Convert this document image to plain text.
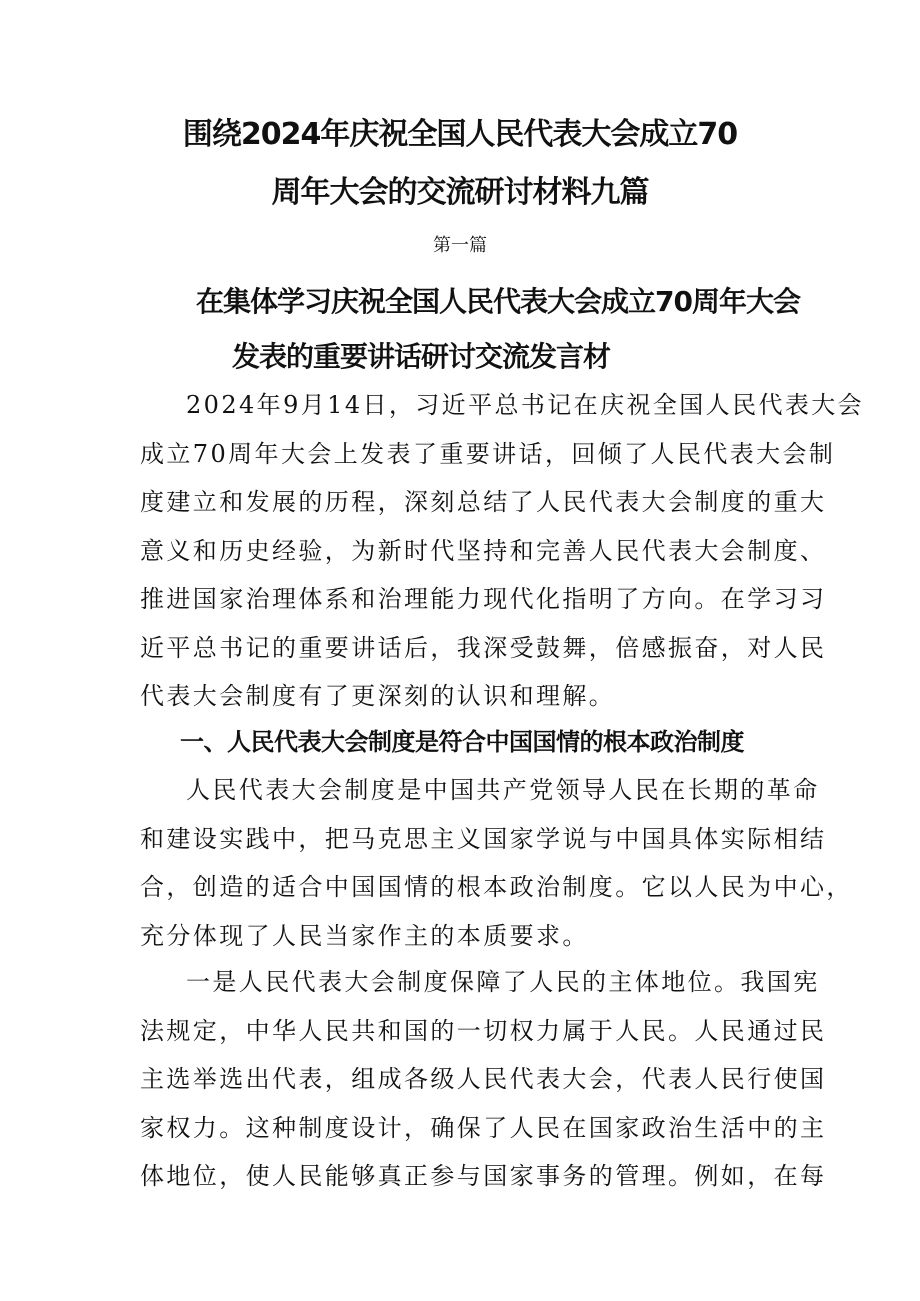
围绕2024年庆祝全国人民代表大会成立70
周年大会的交流研讨材料九篇
第一篇
在集体学习庆祝全国人民代表大会成立70周年大会
发表的重要讲话研讨交流发言材
2024年9月14日，习近平总书记在庆祝全国人民代表大会
成立70周年大会上发表了重要讲话，回倾了人民代表大会制
度建立和发展的历程，深刻总结了人民代表大会制度的重大
意义和历史经验，为新时代坚持和完善人民代表大会制度、
推进国家治理体系和治理能力现代化指明了方向。在学习习
近平总书记的重要讲话后，我深受鼓舞，倍感振奋，对人民
代表大会制度有了更深刻的认识和理解。
一、人民代表大会制度是符合中国国情的根本政治制度
人民代表大会制度是中国共产党领导人民在长期的革命
和建设实践中，把马克思主义国家学说与中国具体实际相结
合，创造的适合中国国情的根本政治制度。它以人民为中心，
充分体现了人民当家作主的本质要求。
一是人民代表大会制度保障了人民的主体地位。我国宪
法规定，中华人民共和国的一切权力属于人民。人民通过民
主选举选出代表，组成各级人民代表大会，代表人民行使国
家权力。这种制度设计，确保了人民在国家政治生活中的主
体地位，使人民能够真正参与国家事务的管理。例如，在每
